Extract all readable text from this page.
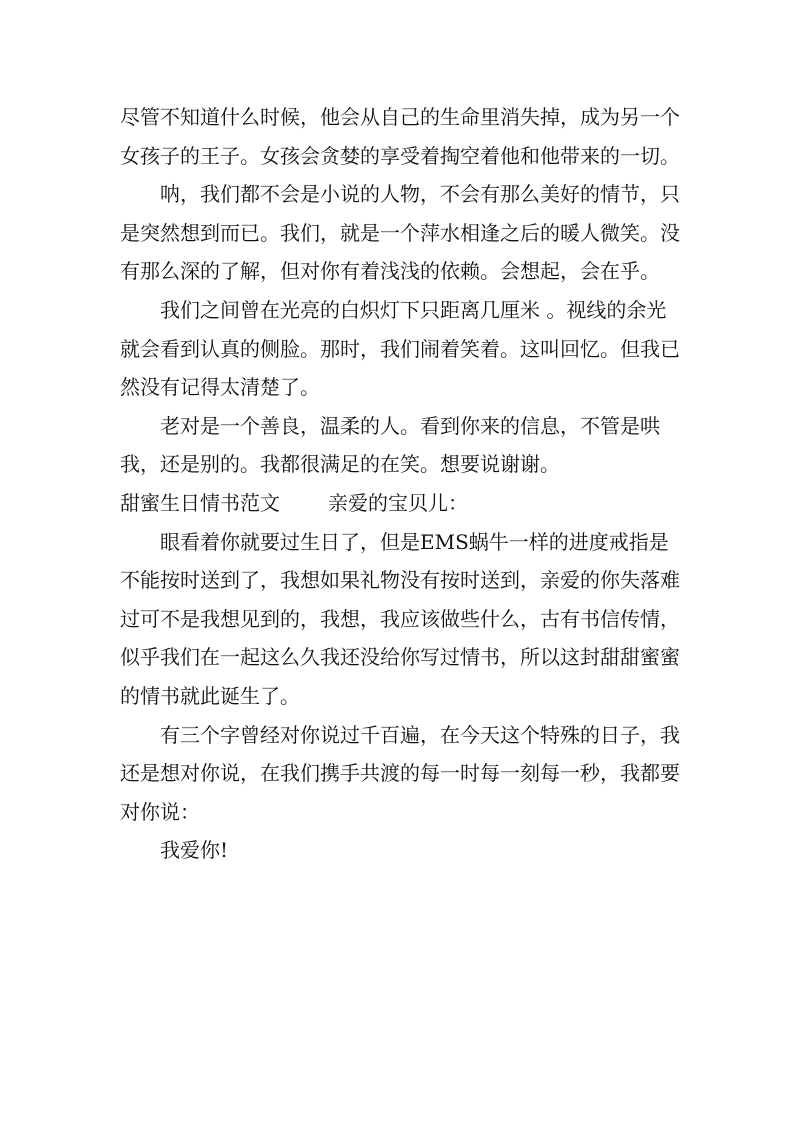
尽管不知道什么时候，他会从自己的生命里消失掉，成为另一个女孩子的王子。女孩会贪婪的享受着掏空着他和他带来的一切。

呐，我们都不会是小说的人物，不会有那么美好的情节，只是突然想到而已。我们，就是一个萍水相逢之后的暖人微笑。没有那么深的了解，但对你有着浅浅的依赖。会想起，会在乎。

我们之间曾在光亮的白炽灯下只距离几厘米 。视线的余光就会看到认真的侧脸。那时，我们闹着笑着。这叫回忆。但我已然没有记得太清楚了。

老对是一个善良，温柔的人。看到你来的信息，不管是哄我，还是别的。我都很满足的在笑。想要说谢谢。

甜蜜生日情书范文 亲爱的宝贝儿：

眼看着你就要过生日了，但是EMS蜗牛一样的进度戒指是不能按时送到了，我想如果礼物没有按时送到，亲爱的你失落难过可不是我想见到的，我想，我应该做些什么，古有书信传情，似乎我们在一起这么久我还没给你写过情书，所以这封甜甜蜜蜜的情书就此诞生了。

有三个字曾经对你说过千百遍，在今天这个特殊的日子，我还是想对你说，在我们携手共渡的每一时每一刻每一秒，我都要对你说：

我爱你!
